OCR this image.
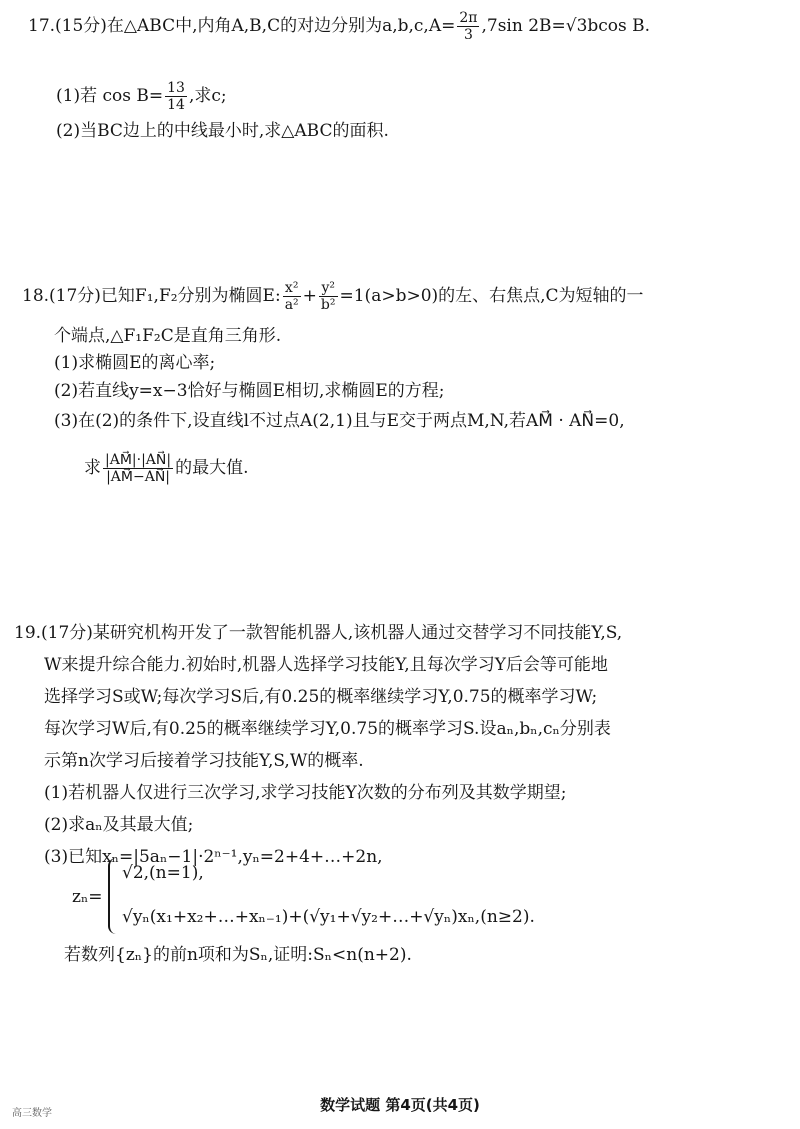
17.(15分)在△ABC中,内角A,B,C的对边分别为$a,b,c,A= \frac{2\pi}{3} ,7\sin$ 2B=√3bcos B.
(1)若 $\cos B= \frac{13}{14}$ ,求c;
(2)当BC边上的中线最小时,求△ABC的面积.
18.(17分)已知F₁,F₂分别为椭圆E: $\frac{\text{x²}}{\text{a²}} + \frac{\text{y²}}{\text{b²}} =1(a>b>0)$的左、右焦点,C为短轴的一
个端点,△F₁F₂C是直角三角形.
(1)求椭圆E的离心率;
(2)若直线y=x−3恰好与椭圆E相切,求椭圆E的方程;
(3)在(2)的条件下,设直线l不过点A(2,1)且与E交于两点M,N,若AM⃗ · AN⃗=0,
求 $\frac{|AM⃗|\cdot|AN⃗|}{|AM⃗-AN⃗|}$ 的最大值.
19.(17分)某研究机构开发了一款智能机器人,该机器人通过交替学习不同技能Y,S,
W来提升综合能力.初始时,机器人选择学习技能Y,且每次学习Y后会等可能地
选择学习S或W;每次学习S后,有0.25的概率继续学习Y,0.75的概率学习W;
每次学习W后,有0.25的概率继续学习Y,0.75的概率学习S.设aₙ,bₙ,cₙ分别表
示第n次学习后接着学习技能Y,S,W的概率.
(1)若机器人仅进行三次学习,求学习技能Y次数的分布列及其数学期望;
(2)求aₙ及其最大值;
(3)已知xₙ=|5aₙ−1|·2ⁿ⁻¹,yₙ=2+4+…+2n,
zₙ=
√2,(n=1),
√yₙ(x₁+x₂+…+xₙ₋₁)+(√y₁+√y₂+…+√yₙ)xₙ,(n≥2).
若数列{zₙ}的前n项和为Sₙ,证明:Sₙ<n(n+2).
数学试题 第4页(共4页)
高三数学
